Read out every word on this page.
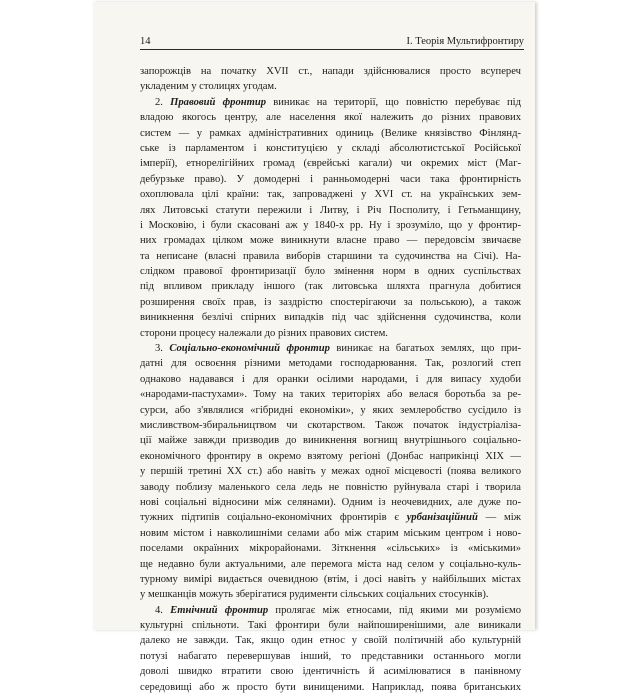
14	I. Теорія Мультифронтиру
запорожців на початку XVII ст., напади здійснювалися просто всупереч
укладеним у столицях угодам.
2. Правовий фронтир виникає на території, що повністю перебуває під
владою якогось центру, але населення якої належить до різних правових
систем — у рамках адміністративних одиниць (Велике князівство Фінлянд-
ське із парламентом і конституцією у складі абсолютистської Російської
імперії), етнорелігійних громад (єврейські кагали) чи окремих міст (Маг-
дебурзьке право). У домодерні і ранньомодерні часи така фронтирність
охоплювала цілі країни: так, запроваджені у XVI ст. на українських зем-
лях Литовські статути пережили і Литву, і Річ Посполиту, і Гетьманщину,
і Московію, і були скасовані аж у 1840-х рр. Ну і зрозуміло, що у фронтир-
них громадах цілком може виникнути власне право — передовсім звичаєве
та неписане (власні правила виборів старшини та судочинства на Січі). На-
слідком правової фронтиризації було змінення норм в одних суспільствах
під впливом прикладу іншого (так литовська шляхта прагнула добитися
розширення своїх прав, із заздрістю спостерігаючи за польською), а також
виникнення безлічі спірних випадків під час здійснення судочинства, коли
сторони процесу належали до різних правових систем.
3. Соціально-економічний фронтир виникає на багатьох землях, що при-
датні для освоєння різними методами господарювання. Так, розлогий степ
однаково надавався і для оранки осілими народами, і для випасу худоби
«народами-пастухами». Тому на таких територіях або велася боротьба за ре-
сурси, або з'являлися «гібридні економіки», у яких землеробство сусідило із
мисливством-збиральництвом чи скотарством. Також початок індустріаліза-
ції майже завжди призводив до виникнення вогнищ внутрішнього соціально-
економічного фронтиру в окремо взятому регіоні (Донбас наприкінці XIX —
у першій третині XX ст.) або навіть у межах одної місцевості (поява великого
заводу поблизу маленького села ледь не повністю руйнувала старі і творила
нові соціальні відносини між селянами). Одним із неочевидних, але дуже по-
тужних підтипів соціально-економічних фронтирів є урбанізаційний — між
новим містом і навколишніми селами або між старим міським центром і ново-
поселами окраїнних мікрорайонами. Зіткнення «сільських» із «міськими»
ще недавно були актуальними, але перемога міста над селом у соціально-куль-
турному вимірі видається очевидною (втім, і досі навіть у найбільших містах
у мешканців можуть зберігатися рудименти сільських соціальних стосунків).
4. Етнічний фронтир пролягає між етносами, під якими ми розуміємо
культурні спільноти. Такі фронтири були найпоширенішими, але виникали
далеко не завжди. Так, якщо один етнос у своїй політичній або культурній
потузі набагато перевершував інший, то представники останнього могли
доволі швидко втратити свою ідентичність й асимілюватися в панівному
середовищі або ж просто бути винищеними. Наприклад, поява британських
